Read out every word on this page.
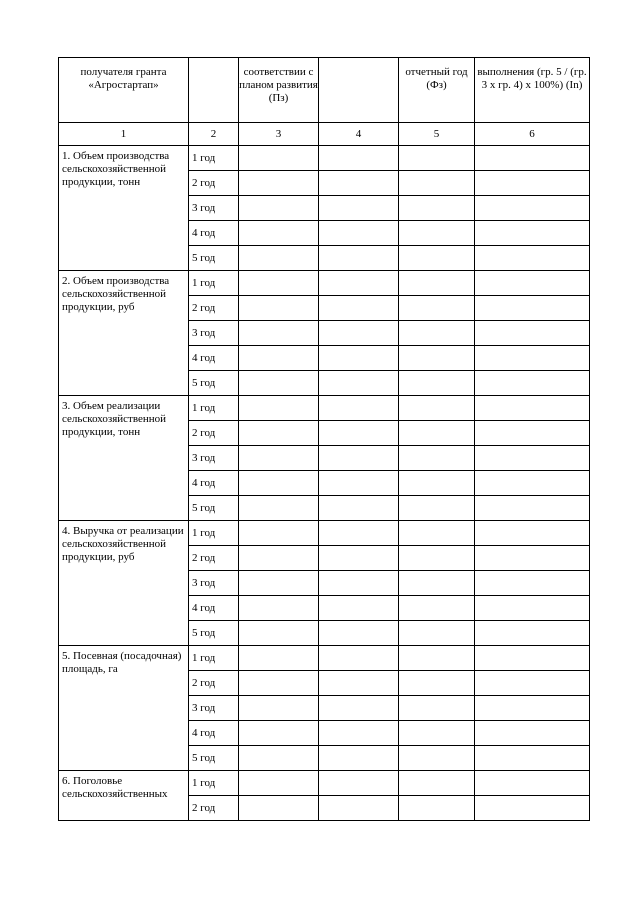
получателя гранта «Агростартап»		соответствии с планом развития (Пз)		отчетный год (Фз)	выполнения (гр. 5 / (гр. 3 х гр. 4) х 100%) (In)
1	2	3	4	5	6
1. Объем производства сельскохозяйственной продукции, тонн	1 год				
	2 год				
	3 год				
	4 год				
	5 год				
2. Объем производства сельскохозяйственной продукции, руб	1 год				
	2 год				
	3 год				
	4 год				
	5 год				
3. Объем реализации сельскохозяйственной продукции, тонн	1 год				
	2 год				
	3 год				
	4 год				
	5 год				
4. Выручка от реализации сельскохозяйственной продукции, руб	1 год				
	2 год				
	3 год				
	4 год				
	5 год				
5. Посевная (посадочная) площадь, га	1 год				
	2 год				
	3 год				
	4 год				
	5 год				
6. Поголовье сельскохозяйственных	1 год				
	2 год				
